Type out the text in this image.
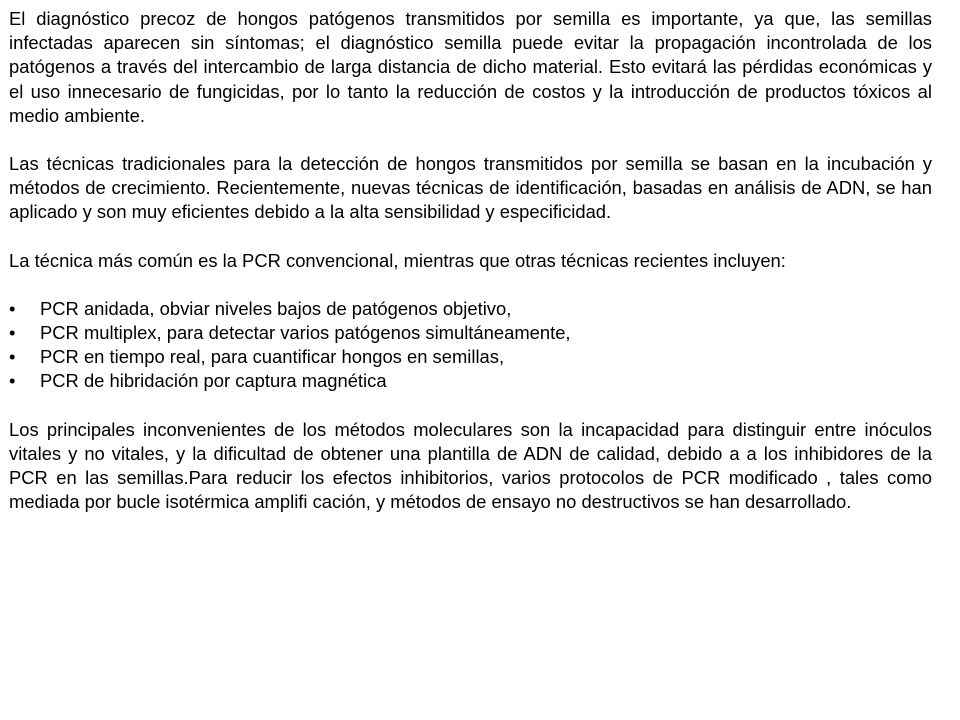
El diagnóstico precoz de hongos patógenos transmitidos por semilla es importante, ya que, las semillas infectadas aparecen sin síntomas; el diagnóstico semilla puede evitar la propagación incontrolada de los patógenos a través del intercambio de larga distancia de dicho material. Esto evitará las pérdidas económicas y el uso innecesario de fungicidas, por lo tanto la reducción de costos y la introducción de productos tóxicos al medio ambiente.

Las técnicas tradicionales para la detección de hongos transmitidos por semilla se basan en la incubación y métodos de crecimiento. Recientemente, nuevas técnicas de identificación, basadas en análisis de ADN, se han aplicado y son muy eficientes debido a la alta sensibilidad y especificidad.

La técnica más común es la PCR convencional, mientras que otras técnicas recientes incluyen:

• PCR anidada, obviar niveles bajos de patógenos objetivo,
• PCR multiplex, para detectar varios patógenos simultáneamente,
• PCR en tiempo real, para cuantificar hongos en semillas,
• PCR de hibridación por captura magnética

Los principales inconvenientes de los métodos moleculares son la incapacidad para distinguir entre inóculos vitales y no vitales, y la dificultad de obtener una plantilla de ADN de calidad, debido a a los inhibidores de la PCR en las semillas.Para reducir los efectos inhibitorios, varios protocolos de PCR modificado , tales como mediada por bucle isotérmica amplifi cación, y métodos de ensayo no destructivos se han desarrollado.
